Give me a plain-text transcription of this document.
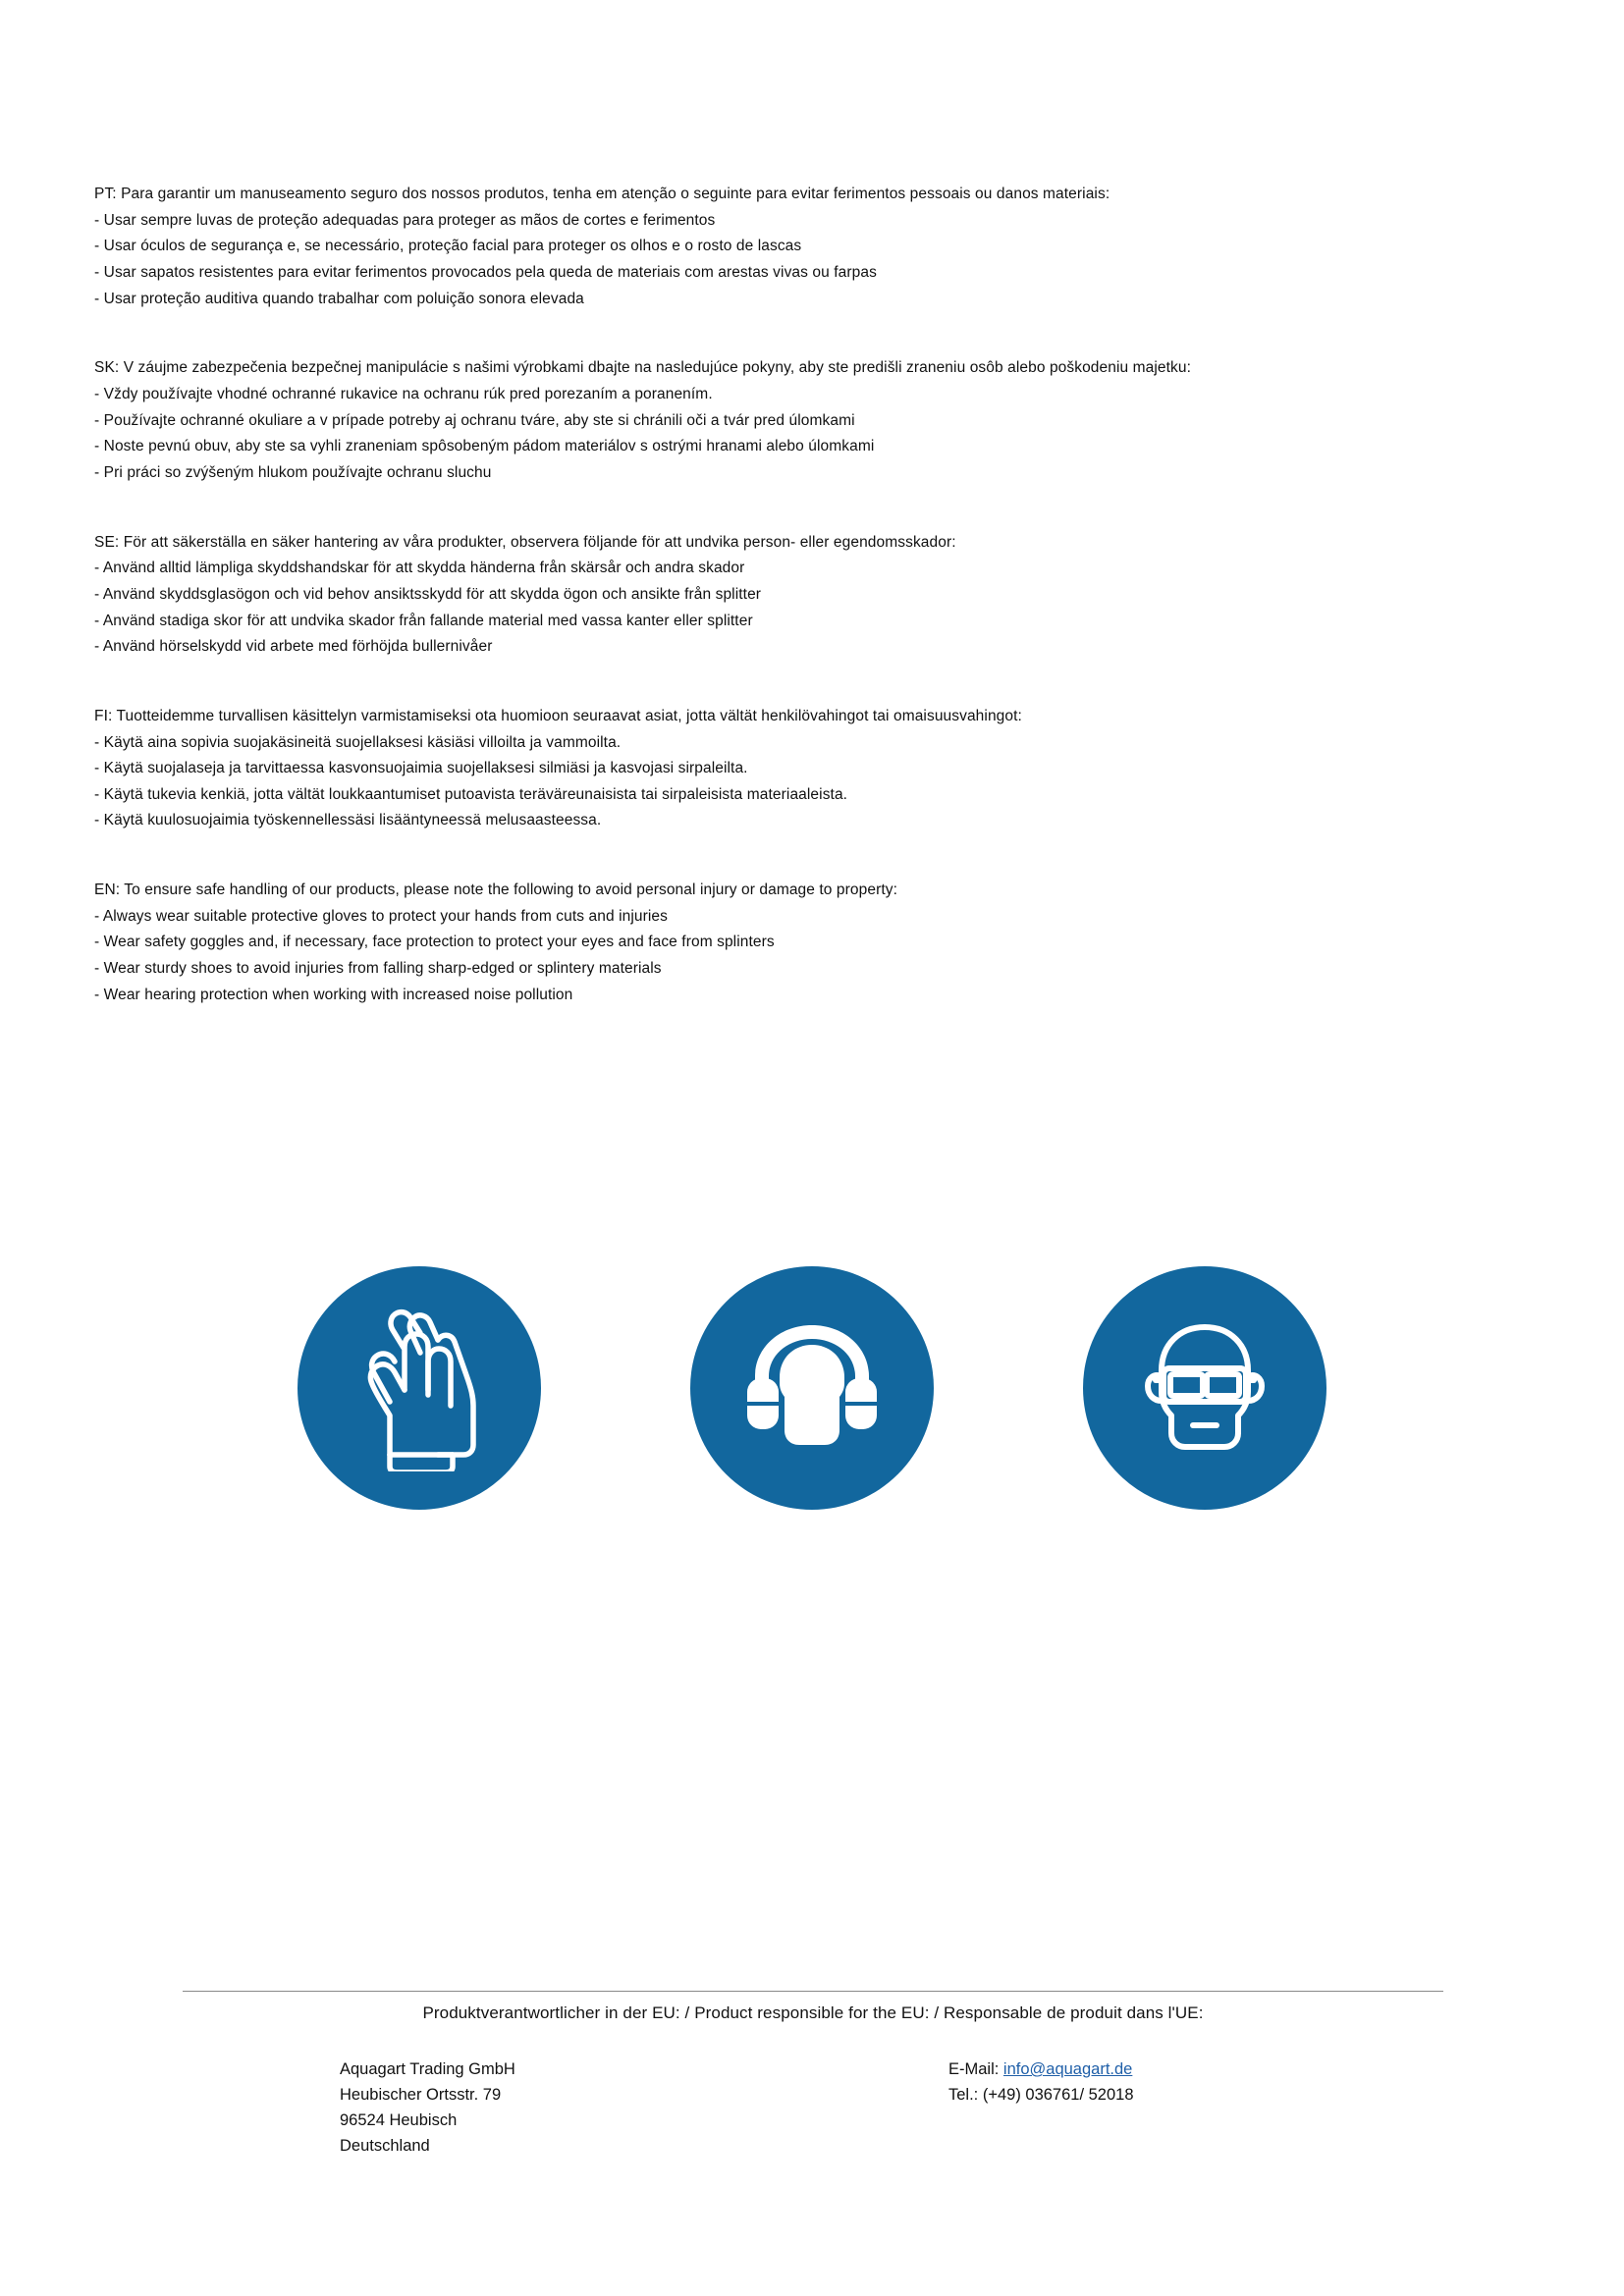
PT: Para garantir um manuseamento seguro dos nossos produtos, tenha em atenção o seguinte para evitar ferimentos pessoais ou danos materiais:

- Usar sempre luvas de proteção adequadas para proteger as mãos de cortes e ferimentos

- Usar óculos de segurança e, se necessário, proteção facial para proteger os olhos e o rosto de lascas

- Usar sapatos resistentes para evitar ferimentos provocados pela queda de materiais com arestas vivas ou farpas

- Usar proteção auditiva quando trabalhar com poluição sonora elevada

SK: V záujme zabezpečenia bezpečnej manipulácie s našimi výrobkami dbajte na nasledujúce pokyny, aby ste predišli zraneniu osôb alebo poškodeniu majetku:

- Vždy používajte vhodné ochranné rukavice na ochranu rúk pred porezaním a poranením.

- Používajte ochranné okuliare a v prípade potreby aj ochranu tváre, aby ste si chránili oči a tvár pred úlomkami

- Noste pevnú obuv, aby ste sa vyhli zraneniam spôsobeným pádom materiálov s ostrými hranami alebo úlomkami

- Pri práci so zvýšeným hlukom používajte ochranu sluchu

SE: För att säkerställa en säker hantering av våra produkter, observera följande för att undvika person- eller egendomsskador:

- Använd alltid lämpliga skyddshandskar för att skydda händerna från skärsår och andra skador

- Använd skyddsglasögon och vid behov ansiktsskydd för att skydda ögon och ansikte från splitter

- Använd stadiga skor för att undvika skador från fallande material med vassa kanter eller splitter

- Använd hörselskydd vid arbete med förhöjda bullernivåer

FI: Tuotteidemme turvallisen käsittelyn varmistamiseksi ota huomioon seuraavat asiat, jotta vältät henkilövahingot tai omaisuusvahingot:

- Käytä aina sopivia suojakäsineitä suojellaksesi käsiäsi villoilta ja vammoilta.

- Käytä suojalaseja ja tarvittaessa kasvonsuojaimia suojellaksesi silmiäsi ja kasvojasi sirpaleilta.

- Käytä tukevia kenkiä, jotta vältät loukkaantumiset putoavista teräväreunaisista tai sirpaleisista materiaaleista.

- Käytä kuulosuojaimia työskennellessäsi lisääntyneessä melusaasteessa.

EN: To ensure safe handling of our products, please note the following to avoid personal injury or damage to property:

- Always wear suitable protective gloves to protect your hands from cuts and injuries

- Wear safety goggles and, if necessary, face protection to protect your eyes and face from splinters

- Wear sturdy shoes to avoid injuries from falling sharp-edged or splintery materials

- Wear hearing protection when working with increased noise pollution

Produktverantwortlicher in der EU: / Product responsible for the EU: / Responsable de produit dans l'UE:
Aquagart Trading GmbH
Heubischer Ortsstr. 79
96524 Heubisch
Deutschland
E-Mail: info@aquagart.de
Tel.: (+49) 036761/ 52018
